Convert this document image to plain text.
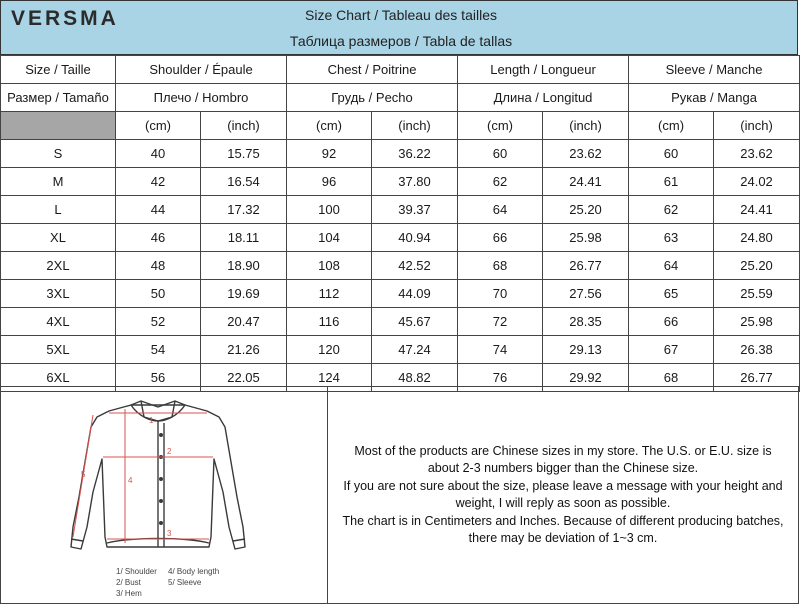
VERSMA	Size Chart / Tableau des tailles
Таблица размеров / Tabla de tallas
Size / Taille	Shoulder / Épaule		Chest / Poitrine		Length / Longueur		Sleeve / Manche	
Размер / Tamaño	Плечо / Hombro		Грудь / Pecho		Длина / Longitud		Рукав / Manga	
	(cm)	(inch)	(cm)	(inch)	(cm)	(inch)	(cm)	(inch)
S	40	15.75	92	36.22	60	23.62	60	23.62
M	42	16.54	96	37.80	62	24.41	61	24.02
L	44	17.32	100	39.37	64	25.20	62	24.41
XL	46	18.11	104	40.94	66	25.98	63	24.80
2XL	48	18.90	108	42.52	68	26.77	64	25.20
3XL	50	19.69	112	44.09	70	27.56	65	25.59
4XL	52	20.47	116	45.67	72	28.35	66	25.98
5XL	54	21.26	120	47.24	74	29.13	67	26.38
6XL	56	22.05	124	48.82	76	29.92	68	26.77
1
2
3
4
5
Most of the products are Chinese sizes in my store. The U.S. or E.U. size is
about 2-3 numbers bigger than the Chinese size.
If you are not sure about the size, please leave a message with your height and
weight, I will reply as soon as possible.
The chart is in Centimeters and Inches. Because of different producing batches,
there may be deviation of 1~3 cm.
1/ Shoulder 4/ Body length
2/ Bust	5/ Sleeve
3/ Hem
